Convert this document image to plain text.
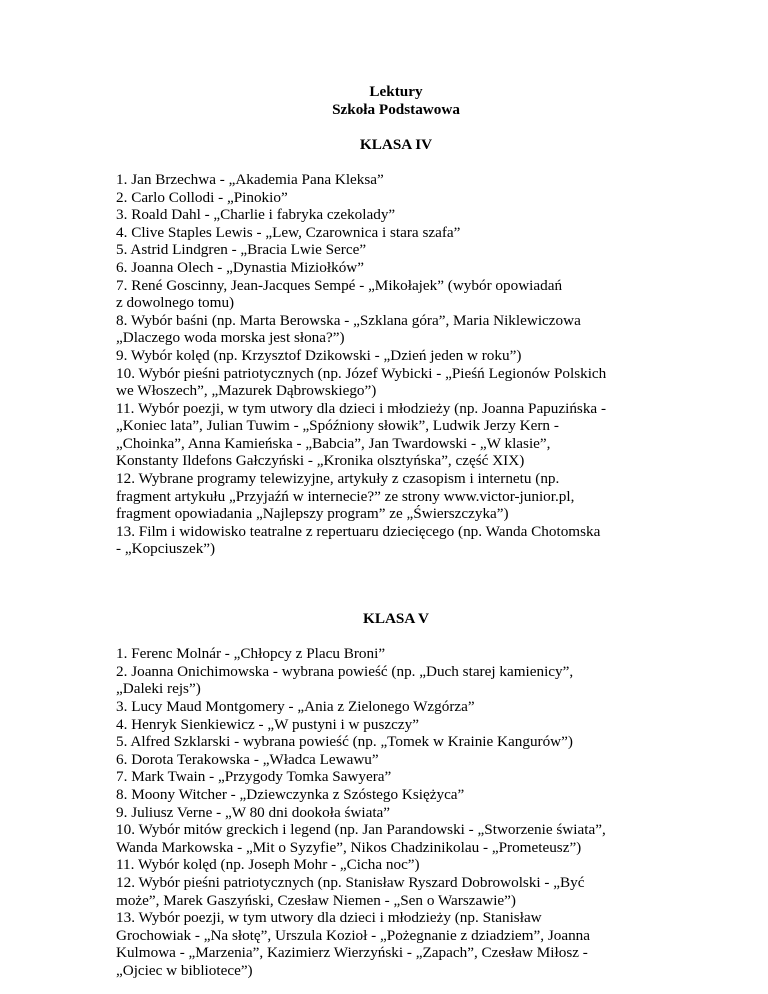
Lektury

Szkoła Podstawowa

KLASA IV

1. Jan Brzechwa - „Akademia Pana Kleksa”
2. Carlo Collodi - „Pinokio”
3. Roald Dahl - „Charlie i fabryka czekolady”
4. Clive Staples Lewis - „Lew, Czarownica i stara szafa”
5. Astrid Lindgren - „Bracia Lwie Serce”
6. Joanna Olech - „Dynastia Miziołków”
7. René Goscinny, Jean-Jacques Sempé - „Mikołajek” (wybór opowiadań
z dowolnego tomu)
8. Wybór baśni (np. Marta Berowska - „Szklana góra”, Maria Niklewiczowa
„Dlaczego woda morska jest słona?”)
9. Wybór kolęd (np. Krzysztof Dzikowski - „Dzień jeden w roku”)
10. Wybór pieśni patriotycznych (np. Józef Wybicki - „Pieśń Legionów Polskich
we Włoszech”, „Mazurek Dąbrowskiego”)
11. Wybór poezji, w tym utwory dla dzieci i młodzieży (np. Joanna Papuzińska -
„Koniec lata”, Julian Tuwim - „Spóźniony słowik”, Ludwik Jerzy Kern -
„Choinka”, Anna Kamieńska - „Babcia”, Jan Twardowski - „W klasie”,
Konstanty Ildefons Gałczyński - „Kronika olsztyńska”, część XIX)
12. Wybrane programy telewizyjne, artykuły z czasopism i internetu (np.
fragment artykułu „Przyjaźń w internecie?” ze strony www.victor-junior.pl,
fragment opowiadania „Najlepszy program” ze „Świerszczyka”)
13. Film i widowisko teatralne z repertuaru dziecięcego (np. Wanda Chotomska
- „Kopciuszek”)

KLASA V

1. Ferenc Molnár - „Chłopcy z Placu Broni”
2. Joanna Onichimowska - wybrana powieść (np. „Duch starej kamienicy”,
„Daleki rejs”)
3. Lucy Maud Montgomery - „Ania z Zielonego Wzgórza”
4. Henryk Sienkiewicz - „W pustyni i w puszczy”
5. Alfred Szklarski - wybrana powieść (np. „Tomek w Krainie Kangurów”)
6. Dorota Terakowska - „Władca Lewawu”
7. Mark Twain - „Przygody Tomka Sawyera”
8. Moony Witcher - „Dziewczynka z Szóstego Księżyca”
9. Juliusz Verne - „W 80 dni dookoła świata”
10. Wybór mitów greckich i legend (np. Jan Parandowski - „Stworzenie świata”,
Wanda Markowska - „Mit o Syzyfie”, Nikos Chadzinikolau - „Prometeusz”)
11. Wybór kolęd (np. Joseph Mohr - „Cicha noc”)
12. Wybór pieśni patriotycznych (np. Stanisław Ryszard Dobrowolski - „Być
może”, Marek Gaszyński, Czesław Niemen - „Sen o Warszawie”)
13. Wybór poezji, w tym utwory dla dzieci i młodzieży (np. Stanisław
Grochowiak - „Na słotę”, Urszula Kozioł - „Pożegnanie z dziadziem”, Joanna
Kulmowa - „Marzenia”, Kazimierz Wierzyński - „Zapach”, Czesław Miłosz -
„Ojciec w bibliotece”)
